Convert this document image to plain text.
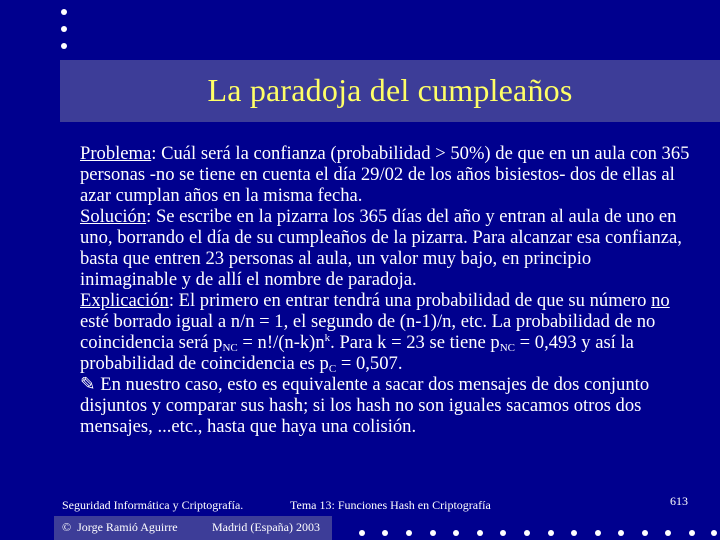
La paradoja del cumpleaños

Problema: Cuál será la confianza (probabilidad > 50%) de que en un aula con 365 personas -no se tiene en cuenta el día 29/02 de los años bisiestos- dos de ellas al azar cumplan años en la misma fecha.

Solución: Se escribe en la pizarra los 365 días del año y entran al aula de uno en uno, borrando el día de su cumpleaños de la pizarra. Para alcanzar esa confianza, basta que entren 23 personas al aula, un valor muy bajo, en principio inimaginable y de allí el nombre de paradoja.

Explicación: El primero en entrar tendrá una probabilidad de que su número no esté borrado igual a n/n = 1, el segundo de (n-1)/n, etc. La probabilidad de no coincidencia será $p_{NC} = n!/(n-k)n^k$. Para k = 23 se tiene $p_{NC} = 0,493$ y así la probabilidad de coincidencia es $p_C = 0,507$.

✎ En nuestro caso, esto es equivalente a sacar dos mensajes de dos conjunto disjuntos y comparar sus hash; si los hash no son iguales sacamos otros dos mensajes, ...etc., hasta que haya una colisión.

Seguridad Informática y Criptografía.	Tema 13: Funciones Hash en Criptografía	613
© Jorge Ramió Aguirre	Madrid (España) 2003
